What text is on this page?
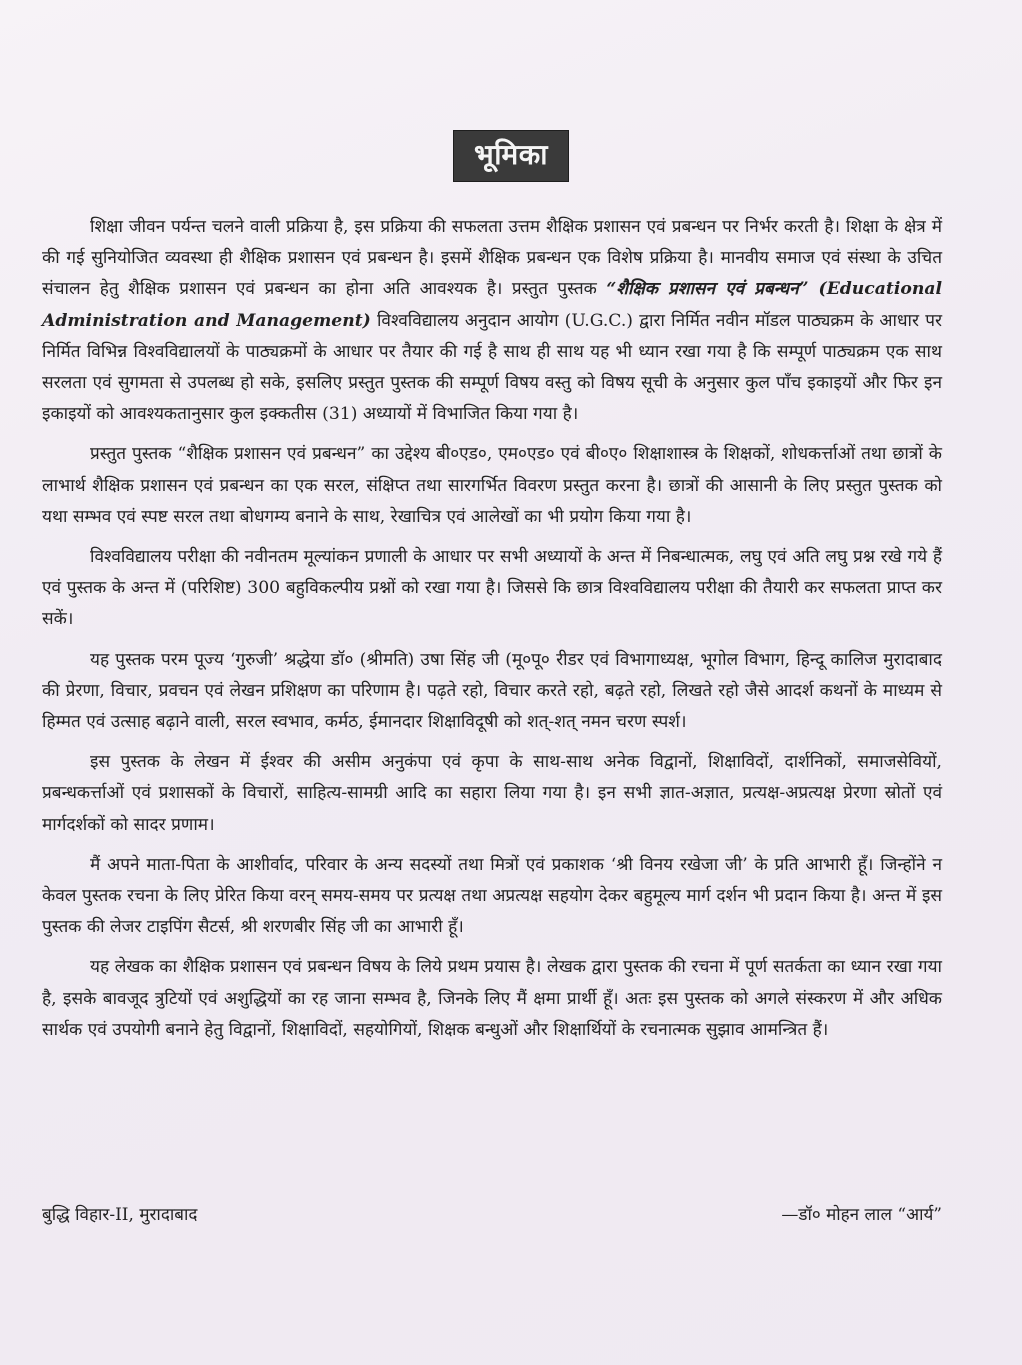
भूमिका

शिक्षा जीवन पर्यन्त चलने वाली प्रक्रिया है, इस प्रक्रिया की सफलता उत्तम शैक्षिक प्रशासन एवं प्रबन्धन पर निर्भर करती है। शिक्षा के क्षेत्र में की गई सुनियोजित व्यवस्था ही शैक्षिक प्रशासन एवं प्रबन्धन है। इसमें शैक्षिक प्रबन्धन एक विशेष प्रक्रिया है। मानवीय समाज एवं संस्था के उचित संचालन हेतु शैक्षिक प्रशासन एवं प्रबन्धन का होना अति आवश्यक है। प्रस्तुत पुस्तक “शैक्षिक प्रशासन एवं प्रबन्धन” (Educational Administration and Management) विश्वविद्यालय अनुदान आयोग (U.G.C.) द्वारा निर्मित नवीन मॉडल पाठ्यक्रम के आधार पर निर्मित विभिन्न विश्वविद्यालयों के पाठ्यक्रमों के आधार पर तैयार की गई है साथ ही साथ यह भी ध्यान रखा गया है कि सम्पूर्ण पाठ्यक्रम एक साथ सरलता एवं सुगमता से उपलब्ध हो सके, इसलिए प्रस्तुत पुस्तक की सम्पूर्ण विषय वस्तु को विषय सूची के अनुसार कुल पाँच इकाइयों और फिर इन इकाइयों को आवश्यकतानुसार कुल इक्कतीस (31) अध्यायों में विभाजित किया गया है।

प्रस्तुत पुस्तक “शैक्षिक प्रशासन एवं प्रबन्धन” का उद्देश्य बी०एड०, एम०एड० एवं बी०ए० शिक्षाशास्त्र के शिक्षकों, शोधकर्त्ताओं तथा छात्रों के लाभार्थ शैक्षिक प्रशासन एवं प्रबन्धन का एक सरल, संक्षिप्त तथा सारगर्भित विवरण प्रस्तुत करना है। छात्रों की आसानी के लिए प्रस्तुत पुस्तक को यथा सम्भव एवं स्पष्ट सरल तथा बोधगम्य बनाने के साथ, रेखाचित्र एवं आलेखों का भी प्रयोग किया गया है।

विश्वविद्यालय परीक्षा की नवीनतम मूल्यांकन प्रणाली के आधार पर सभी अध्यायों के अन्त में निबन्धात्मक, लघु एवं अति लघु प्रश्न रखे गये हैं एवं पुस्तक के अन्त में (परिशिष्ट) 300 बहुविकल्पीय प्रश्नों को रखा गया है। जिससे कि छात्र विश्वविद्यालय परीक्षा की तैयारी कर सफलता प्राप्त कर सकें।

यह पुस्तक परम पूज्य ‘गुरुजी’ श्रद्धेया डॉ० (श्रीमति) उषा सिंह जी (मू०पू० रीडर एवं विभागाध्यक्ष, भूगोल विभाग, हिन्दू कालिज मुरादाबाद की प्रेरणा, विचार, प्रवचन एवं लेखन प्रशिक्षण का परिणाम है। पढ़ते रहो, विचार करते रहो, बढ़ते रहो, लिखते रहो जैसे आदर्श कथनों के माध्यम से हिम्मत एवं उत्साह बढ़ाने वाली, सरल स्वभाव, कर्मठ, ईमानदार शिक्षाविदूषी को शत्-शत् नमन चरण स्पर्श।

इस पुस्तक के लेखन में ईश्वर की असीम अनुकंपा एवं कृपा के साथ-साथ अनेक विद्वानों, शिक्षाविदों, दार्शनिकों, समाजसेवियों, प्रबन्धकर्त्ताओं एवं प्रशासकों के विचारों, साहित्य-सामग्री आदि का सहारा लिया गया है। इन सभी ज्ञात-अज्ञात, प्रत्यक्ष-अप्रत्यक्ष प्रेरणा स्रोतों एवं मार्गदर्शकों को सादर प्रणाम।

मैं अपने माता-पिता के आशीर्वाद, परिवार के अन्य सदस्यों तथा मित्रों एवं प्रकाशक ‘श्री विनय रखेजा जी’ के प्रति आभारी हूँ। जिन्होंने न केवल पुस्तक रचना के लिए प्रेरित किया वरन् समय-समय पर प्रत्यक्ष तथा अप्रत्यक्ष सहयोग देकर बहुमूल्य मार्ग दर्शन भी प्रदान किया है। अन्त में इस पुस्तक की लेजर टाइपिंग सैटर्स, श्री शरणबीर सिंह जी का आभारी हूँ।

यह लेखक का शैक्षिक प्रशासन एवं प्रबन्धन विषय के लिये प्रथम प्रयास है। लेखक द्वारा पुस्तक की रचना में पूर्ण सतर्कता का ध्यान रखा गया है, इसके बावजूद त्रुटियों एवं अशुद्धियों का रह जाना सम्भव है, जिनके लिए मैं क्षमा प्रार्थी हूँ। अतः इस पुस्तक को अगले संस्करण में और अधिक सार्थक एवं उपयोगी बनाने हेतु विद्वानों, शिक्षाविदों, सहयोगियों, शिक्षक बन्धुओं और शिक्षार्थियों के रचनात्मक सुझाव आमन्त्रित हैं।

बुद्धि विहार-II, मुरादाबाद	—डॉ० मोहन लाल “आर्य”
